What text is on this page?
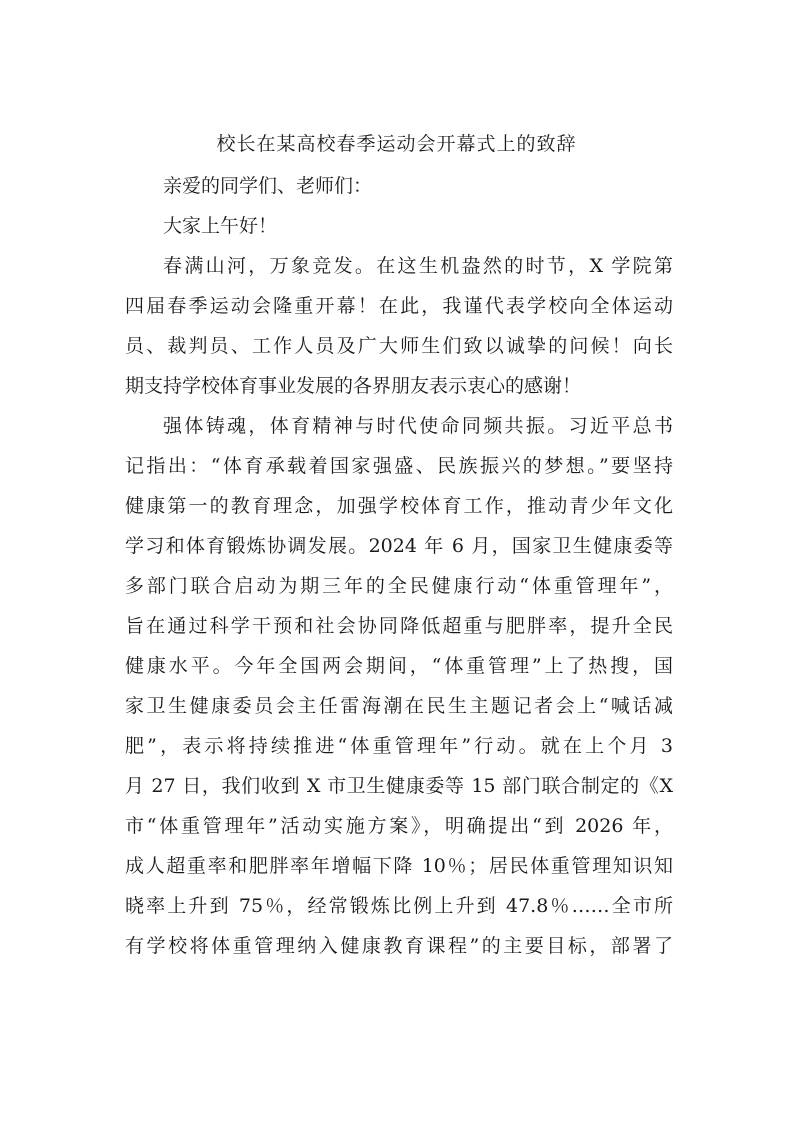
校长在某高校春季运动会开幕式上的致辞
亲爱的同学们、老师们：
大家上午好！
春满山河，万象竞发。在这生机盎然的时节，X 学院第
四届春季运动会隆重开幕！在此，我谨代表学校向全体运动
员、裁判员、工作人员及广大师生们致以诚挚的问候！向长
期支持学校体育事业发展的各界朋友表示衷心的感谢！
强体铸魂，体育精神与时代使命同频共振。习近平总书
记指出：“体育承载着国家强盛、民族振兴的梦想。”要坚持
健康第一的教育理念，加强学校体育工作，推动青少年文化
学习和体育锻炼协调发展。2024 年 6 月，国家卫生健康委等
多部门联合启动为期三年的全民健康行动“体重管理年”，
旨在通过科学干预和社会协同降低超重与肥胖率，提升全民
健康水平。今年全国两会期间，“体重管理”上了热搜，国
家卫生健康委员会主任雷海潮在民生主题记者会上“喊话减
肥”，表示将持续推进“体重管理年”行动。就在上个月 3
月 27 日，我们收到 X 市卫生健康委等 15 部门联合制定的《X
市“体重管理年”活动实施方案》，明确提出“到 2026 年，
成人超重率和肥胖率年增幅下降 10％；居民体重管理知识知
晓率上升到 75％，经常锻炼比例上升到 47.8％……全市所
有学校将体重管理纳入健康教育课程”的主要目标，部署了
